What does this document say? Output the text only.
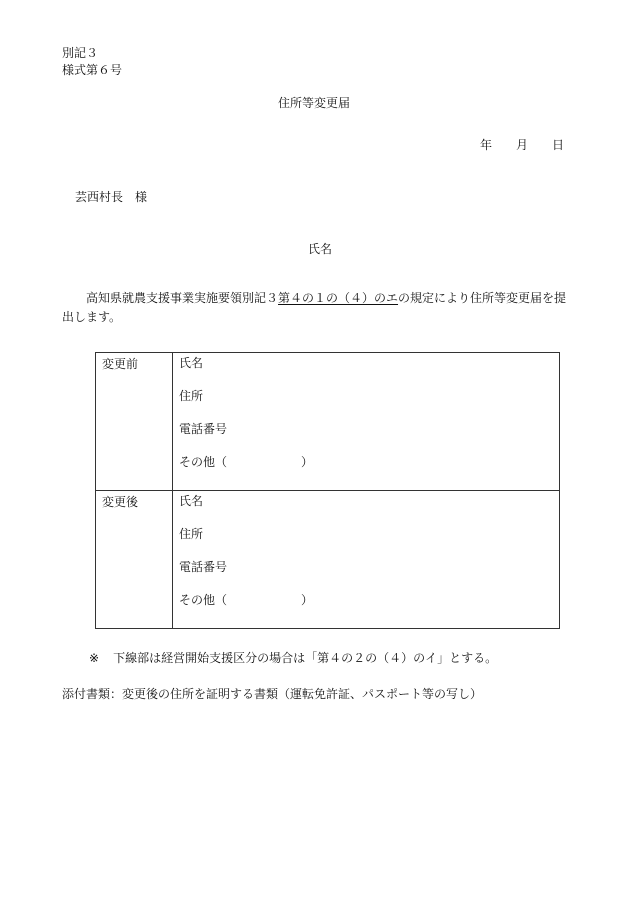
別記３
様式第６号
住所等変更届
年 月 日
芸西村長　様
氏名
高知県就農支援事業実施要領別記３第４の１の（４）のエの規定により住所等変更届を提出します。
変更前	氏名
住所
電話番号
その他（ ）

変更後	氏名
住所
電話番号
その他（ ）
※ 下線部は経営開始支援区分の場合は「第４の２の（４）のイ」とする。
添付書類：変更後の住所を証明する書類（運転免許証、パスポート等の写し）
